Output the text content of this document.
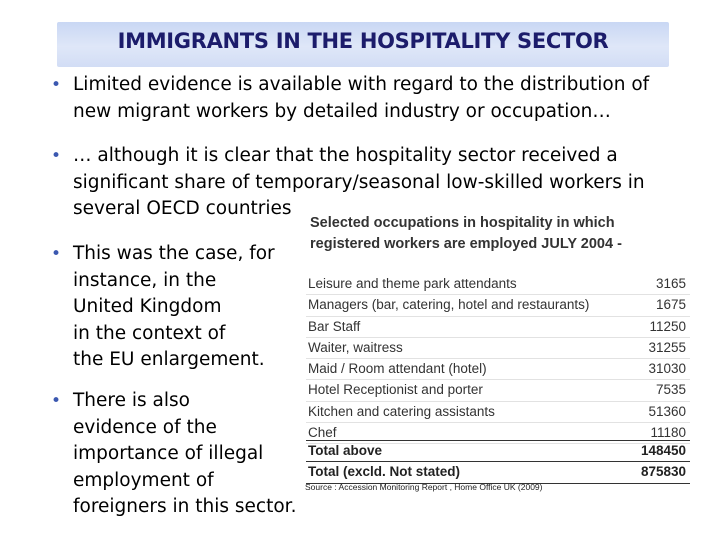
IMMIGRANTS IN THE HOSPITALITY SECTOR
• Limited evidence is available with regard to the distribution of
new migrant workers by detailed industry or occupation…
• … although it is clear that the hospitality sector received a
significant share of temporary/seasonal low-skilled workers in
several OECD countries
• This was the case, for
instance, in the
United Kingdom
in the context of
the EU enlargement.
• There is also
evidence of the
importance of illegal
employment of
foreigners in this sector.
Selected occupations in hospitality in which
registered workers are employed JULY 2004 -
Leisure and theme park attendants	3165
Managers (bar, catering, hotel and restaurants)	1675
Bar Staff	11250
Waiter, waitress	31255
Maid / Room attendant (hotel)	31030
Hotel Receptionist and porter	7535
Kitchen and catering assistants	51360
Chef	11180
Total above	148450
Total (excld. Not stated)	875830
Source : Accession Monitoring Report , Home Office UK (2009)
